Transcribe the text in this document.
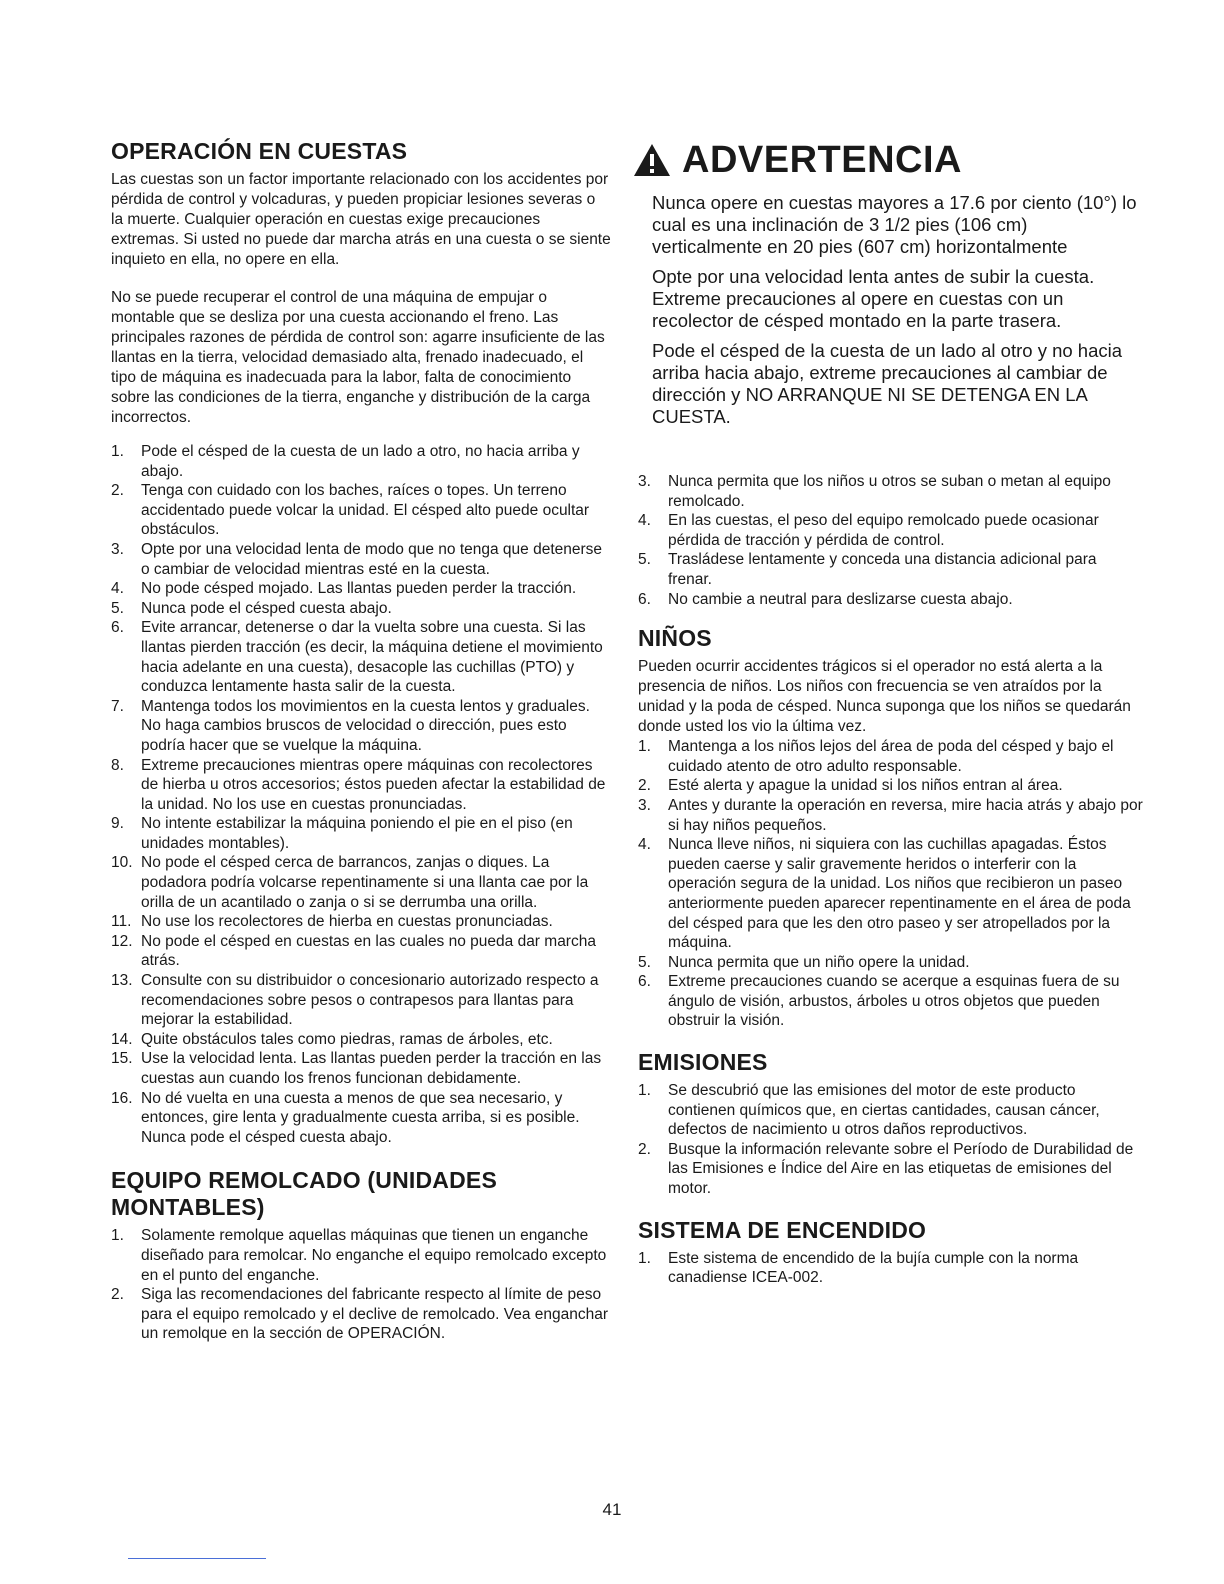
OPERACIÓN EN CUESTAS

Las cuestas son un factor importante relacionado con los accidentes por pérdida de control y volcaduras, y pueden propiciar lesiones severas o la muerte. Cualquier operación en cuestas exige precauciones extremas. Si usted no puede dar marcha atrás en una cuesta o se siente inquieto en ella, no opere en ella.

No se puede recuperar el control de una máquina de empujar o montable que se desliza por una cuesta accionando el freno. Las principales razones de pérdida de control son: agarre insuficiente de las llantas en la tierra, velocidad demasiado alta, frenado inadecuado, el tipo de máquina es inadecuada para la labor, falta de conocimiento sobre las condiciones de la tierra, enganche y distribución de la carga incorrectos.

1. Pode el césped de la cuesta de un lado a otro, no hacia arriba y abajo.
2. Tenga con cuidado con los baches, raíces o topes. Un terreno accidentado puede volcar la unidad. El césped alto puede ocultar obstáculos.
3. Opte por una velocidad lenta de modo que no tenga que detenerse o cambiar de velocidad mientras esté en la cuesta.
4. No pode césped mojado. Las llantas pueden perder la tracción.
5. Nunca pode el césped cuesta abajo.
6. Evite arrancar, detenerse o dar la vuelta sobre una cuesta. Si las llantas pierden tracción (es decir, la máquina detiene el movimiento hacia adelante en una cuesta), desacople las cuchillas (PTO) y conduzca lentamente hasta salir de la cuesta.
7. Mantenga todos los movimientos en la cuesta lentos y graduales. No haga cambios bruscos de velocidad o dirección, pues esto podría hacer que se vuelque la máquina.
8. Extreme precauciones mientras opere máquinas con recolectores de hierba u otros accesorios; éstos pueden afectar la estabilidad de la unidad. No los use en cuestas pronunciadas.
9. No intente estabilizar la máquina poniendo el pie en el piso (en unidades montables).
10. No pode el césped cerca de barrancos, zanjas o diques. La podadora podría volcarse repentinamente si una llanta cae por la orilla de un acantilado o zanja o si se derrumba una orilla.
11. No use los recolectores de hierba en cuestas pronunciadas.
12. No pode el césped en cuestas en las cuales no pueda dar marcha atrás.
13. Consulte con su distribuidor o concesionario autorizado respecto a recomendaciones sobre pesos o contrapesos para llantas para mejorar la estabilidad.
14. Quite obstáculos tales como piedras, ramas de árboles, etc.
15. Use la velocidad lenta. Las llantas pueden perder la tracción en las cuestas aun cuando los frenos funcionan debidamente.
16. No dé vuelta en una cuesta a menos de que sea necesario, y entonces, gire lenta y gradualmente cuesta arriba, si es posible. Nunca pode el césped cuesta abajo.
EQUIPO REMOLCADO (UNIDADES MONTABLES)
1. Solamente remolque aquellas máquinas que tienen un enganche diseñado para remolcar. No enganche el equipo remolcado excepto en el punto del enganche.
2. Siga las recomendaciones del fabricante respecto al límite de peso para el equipo remolcado y el declive de remolcado. Vea enganchar un remolque en la sección de OPERACIÓN.
ADVERTENCIA

Nunca opere en cuestas mayores a 17.6 por ciento (10°) lo cual es una inclinación de 3 1/2 pies (106 cm) verticalmente en 20 pies (607 cm) horizontalmente

Opte por una velocidad lenta antes de subir la cuesta. Extreme precauciones al opere en cuestas con un recolector de césped montado en la parte trasera.

Pode el césped de la cuesta de un lado al otro y no hacia arriba hacia abajo, extreme precauciones al cambiar de dirección y NO ARRANQUE NI SE DETENGA EN LA CUESTA.

3. Nunca permita que los niños u otros se suban o metan al equipo remolcado.
4. En las cuestas, el peso del equipo remolcado puede ocasionar pérdida de tracción y pérdida de control.
5. Trasládese lentamente y conceda una distancia adicional para frenar.
6. No cambie a neutral para deslizarse cuesta abajo.
NIÑOS

Pueden ocurrir accidentes trágicos si el operador no está alerta a la presencia de niños. Los niños con frecuencia se ven atraídos por la unidad y la poda de césped. Nunca suponga que los niños se quedarán donde usted los vio la última vez.

1. Mantenga a los niños lejos del área de poda del césped y bajo el cuidado atento de otro adulto responsable.
2. Esté alerta y apague la unidad si los niños entran al área.
3. Antes y durante la operación en reversa, mire hacia atrás y abajo por si hay niños pequeños.
4. Nunca lleve niños, ni siquiera con las cuchillas apagadas. Éstos pueden caerse y salir gravemente heridos o interferir con la operación segura de la unidad. Los niños que recibieron un paseo anteriormente pueden aparecer repentinamente en el área de poda del césped para que les den otro paseo y ser atropellados por la máquina.
5. Nunca permita que un niño opere la unidad.
6. Extreme precauciones cuando se acerque a esquinas fuera de su ángulo de visión, arbustos, árboles u otros objetos que pueden obstruir la visión.
EMISIONES
1. Se descubrió que las emisiones del motor de este producto contienen químicos que, en ciertas cantidades, causan cáncer, defectos de nacimiento u otros daños reproductivos.
2. Busque la información relevante sobre el Período de Durabilidad de las Emisiones e Índice del Aire en las etiquetas de emisiones del motor.
SISTEMA DE ENCENDIDO
1. Este sistema de encendido de la bujía cumple con la norma canadiense ICEA-002.
41
